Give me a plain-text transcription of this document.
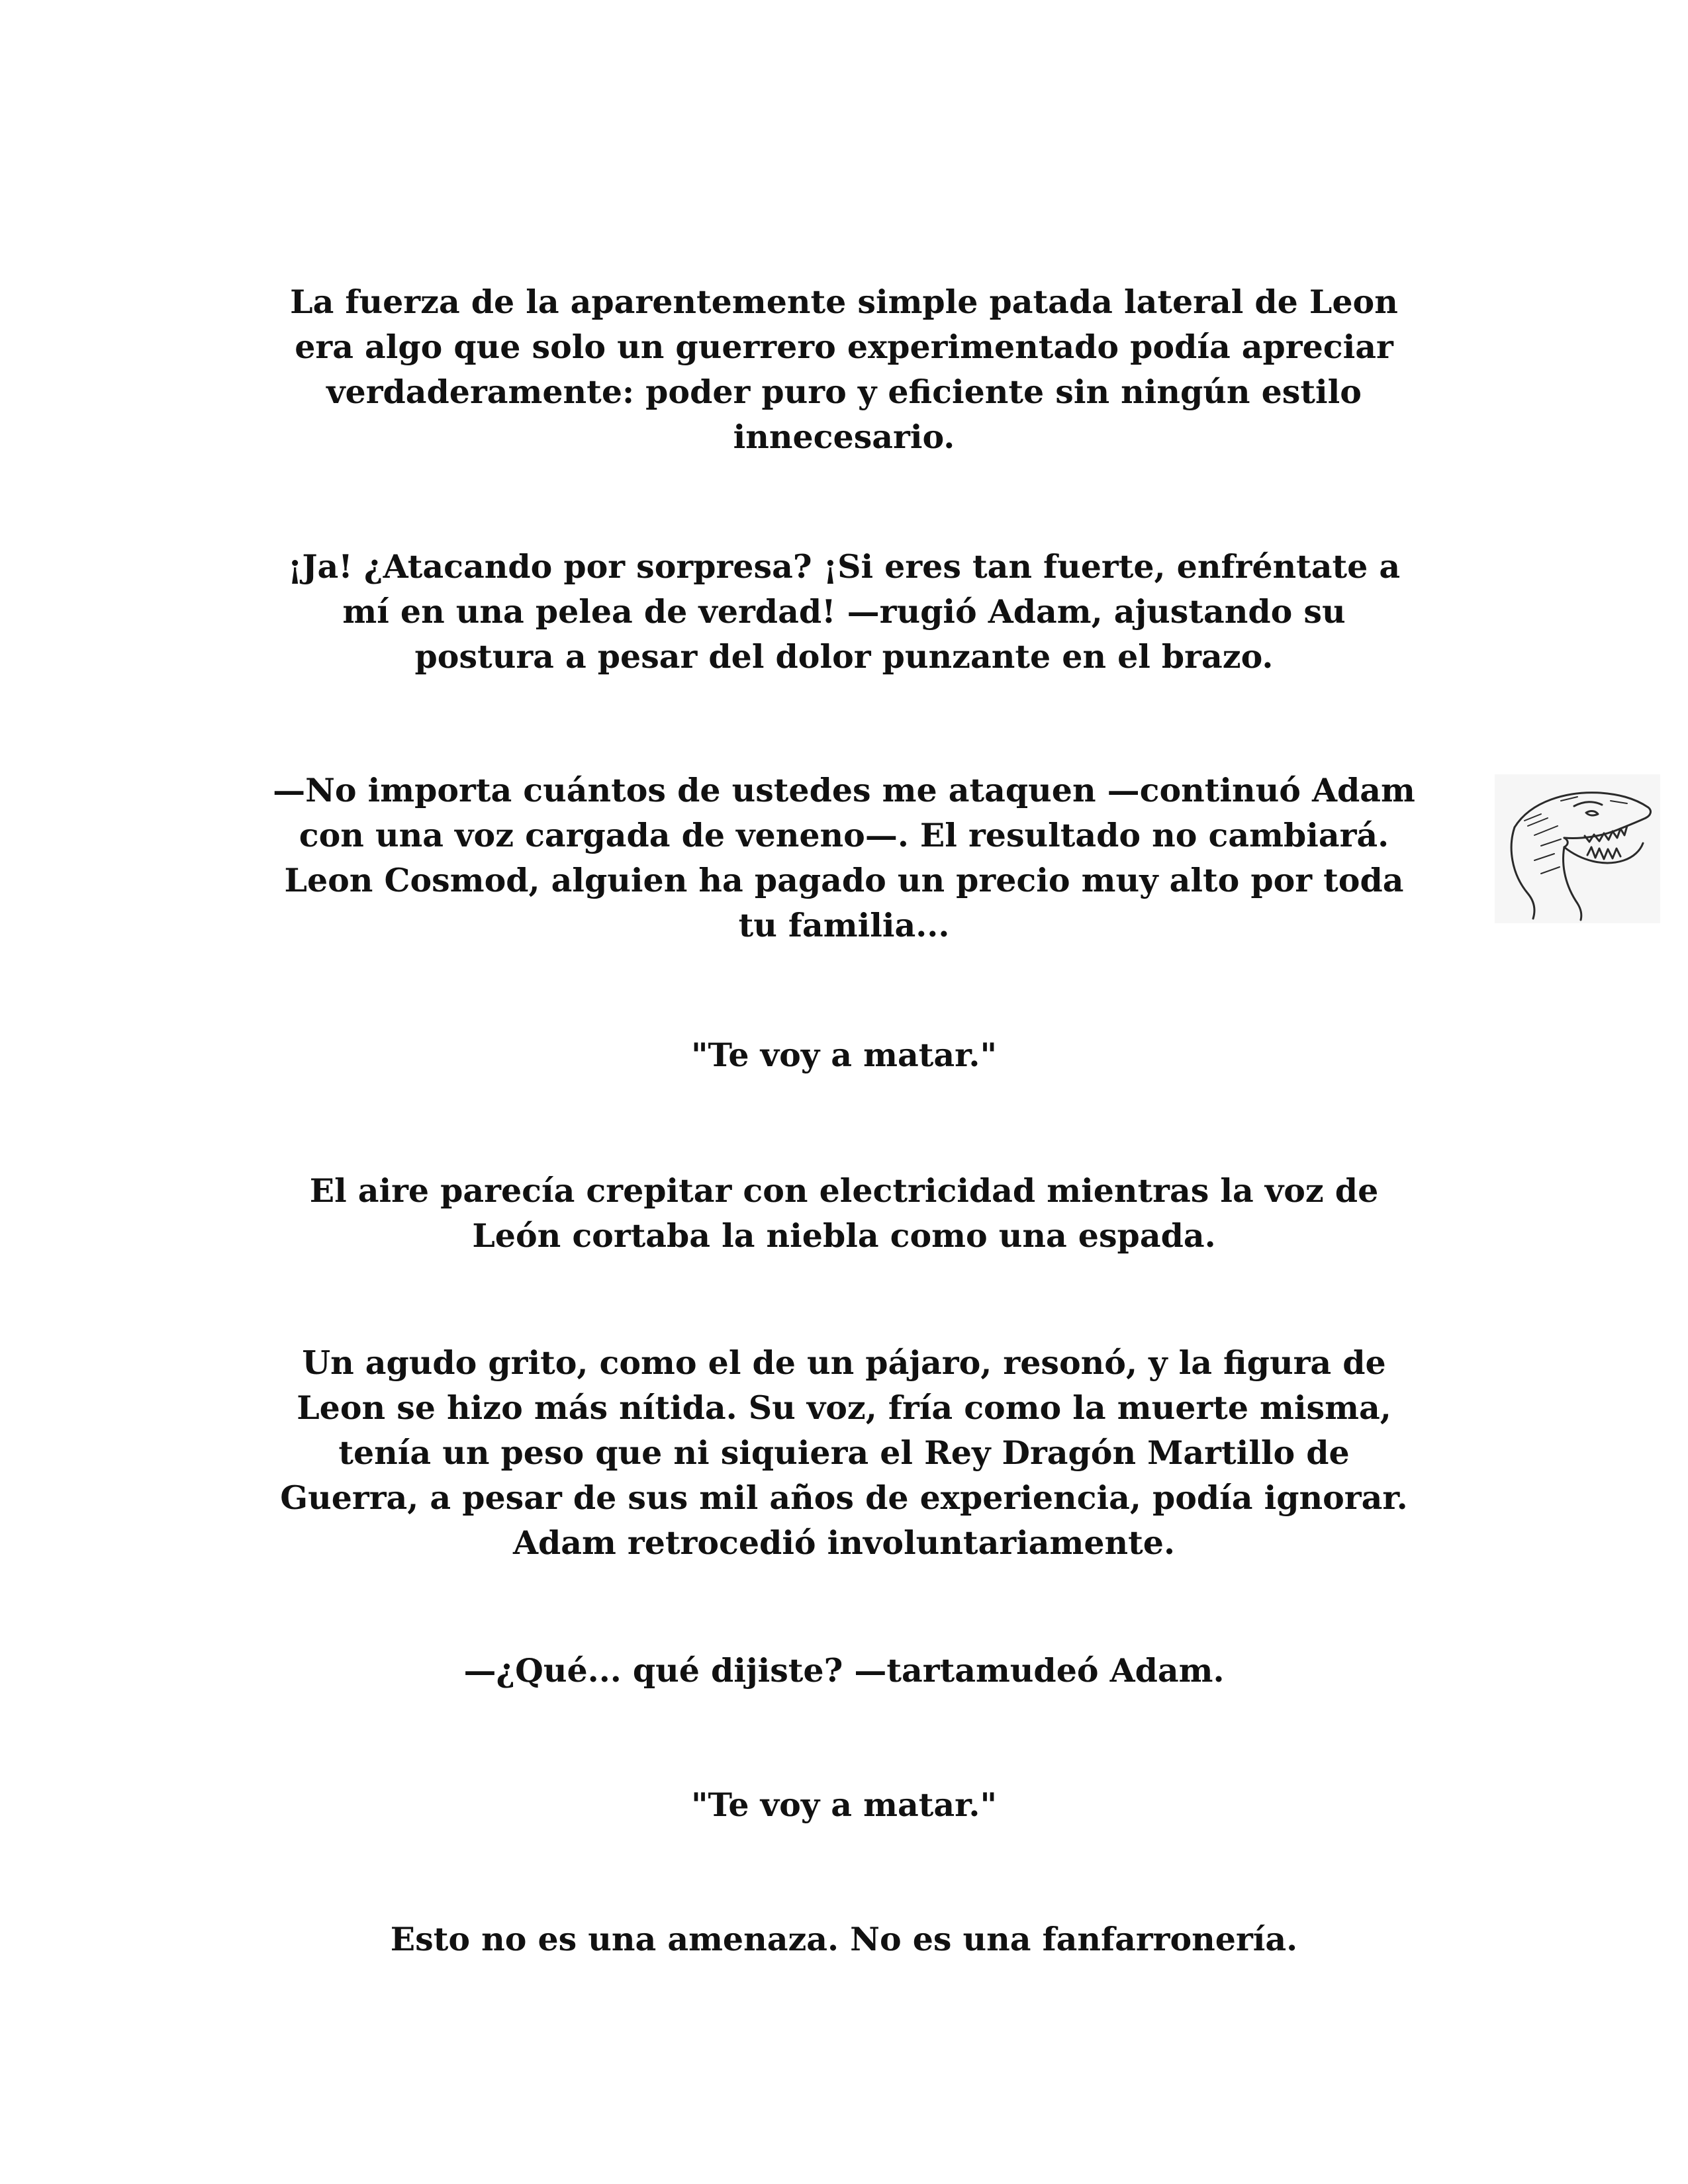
La fuerza de la aparentemente simple patada lateral de Leon
era algo que solo un guerrero experimentado podía apreciar
verdaderamente: poder puro y eficiente sin ningún estilo
innecesario.

¡Ja! ¿Atacando por sorpresa? ¡Si eres tan fuerte, enfréntate a
mí en una pelea de verdad! —rugió Adam, ajustando su
postura a pesar del dolor punzante en el brazo.

—No importa cuántos de ustedes me ataquen —continuó Adam
con una voz cargada de veneno—. El resultado no cambiará.
Leon Cosmod, alguien ha pagado un precio muy alto por toda
tu familia...

"Te voy a matar."

El aire parecía crepitar con electricidad mientras la voz de
León cortaba la niebla como una espada.

Un agudo grito, como el de un pájaro, resonó, y la figura de
Leon se hizo más nítida. Su voz, fría como la muerte misma,
tenía un peso que ni siquiera el Rey Dragón Martillo de
Guerra, a pesar de sus mil años de experiencia, podía ignorar.
Adam retrocedió involuntariamente.

—¿Qué... qué dijiste? —tartamudeó Adam.

"Te voy a matar."

Esto no es una amenaza. No es una fanfarronería.
